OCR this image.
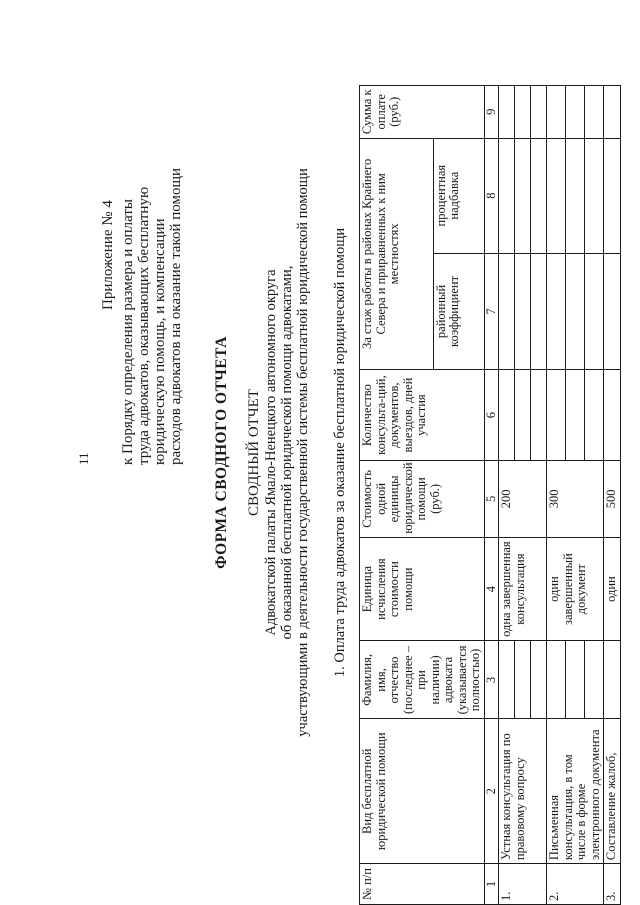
11
Приложение № 4 к Порядку определения размера и оплаты труда адвокатов, оказывающих бесплатную юридическую помощь, и компенсации расходов адвокатов на оказание такой помощи ФОРМА СВОДНОГО ОТЧЕТА СВОДНЫЙ ОТЧЕТ Адвокатской палаты Ямало-Ненецкого автономного округа об оказанной бесплатной юридической помощи адвокатами, участвующими в деятельности государственной системы бесплатной юридической помощи 1. Оплата труда адвокатов за оказание бесплатной юридической помощи
№ п/п	Вид бесплатной юридической помощи	Фамилия, имя, отчество (последнее – при наличии) адвоката (указывается полностью)	Единица исчисления стоимости помощи	Стоимость одной единицы юридической помощи (руб.)	Количество консульта-ций, документов, выездов, дней участия	За стаж работы в районах Крайнего Севера и приравненных к ним местностях		Сумма к оплате (руб.)
						районный коэффициент	процентная надбавка	
1	2	3	4	5	6	7	8	9
1.	Устная консультация по правовому вопросу		одна завершенная консультация	200				

2.	Письменная консультация, в том числе в форме электронного документа		один завершенный документ	300				

3.	Составление жалоб,		один	500				
